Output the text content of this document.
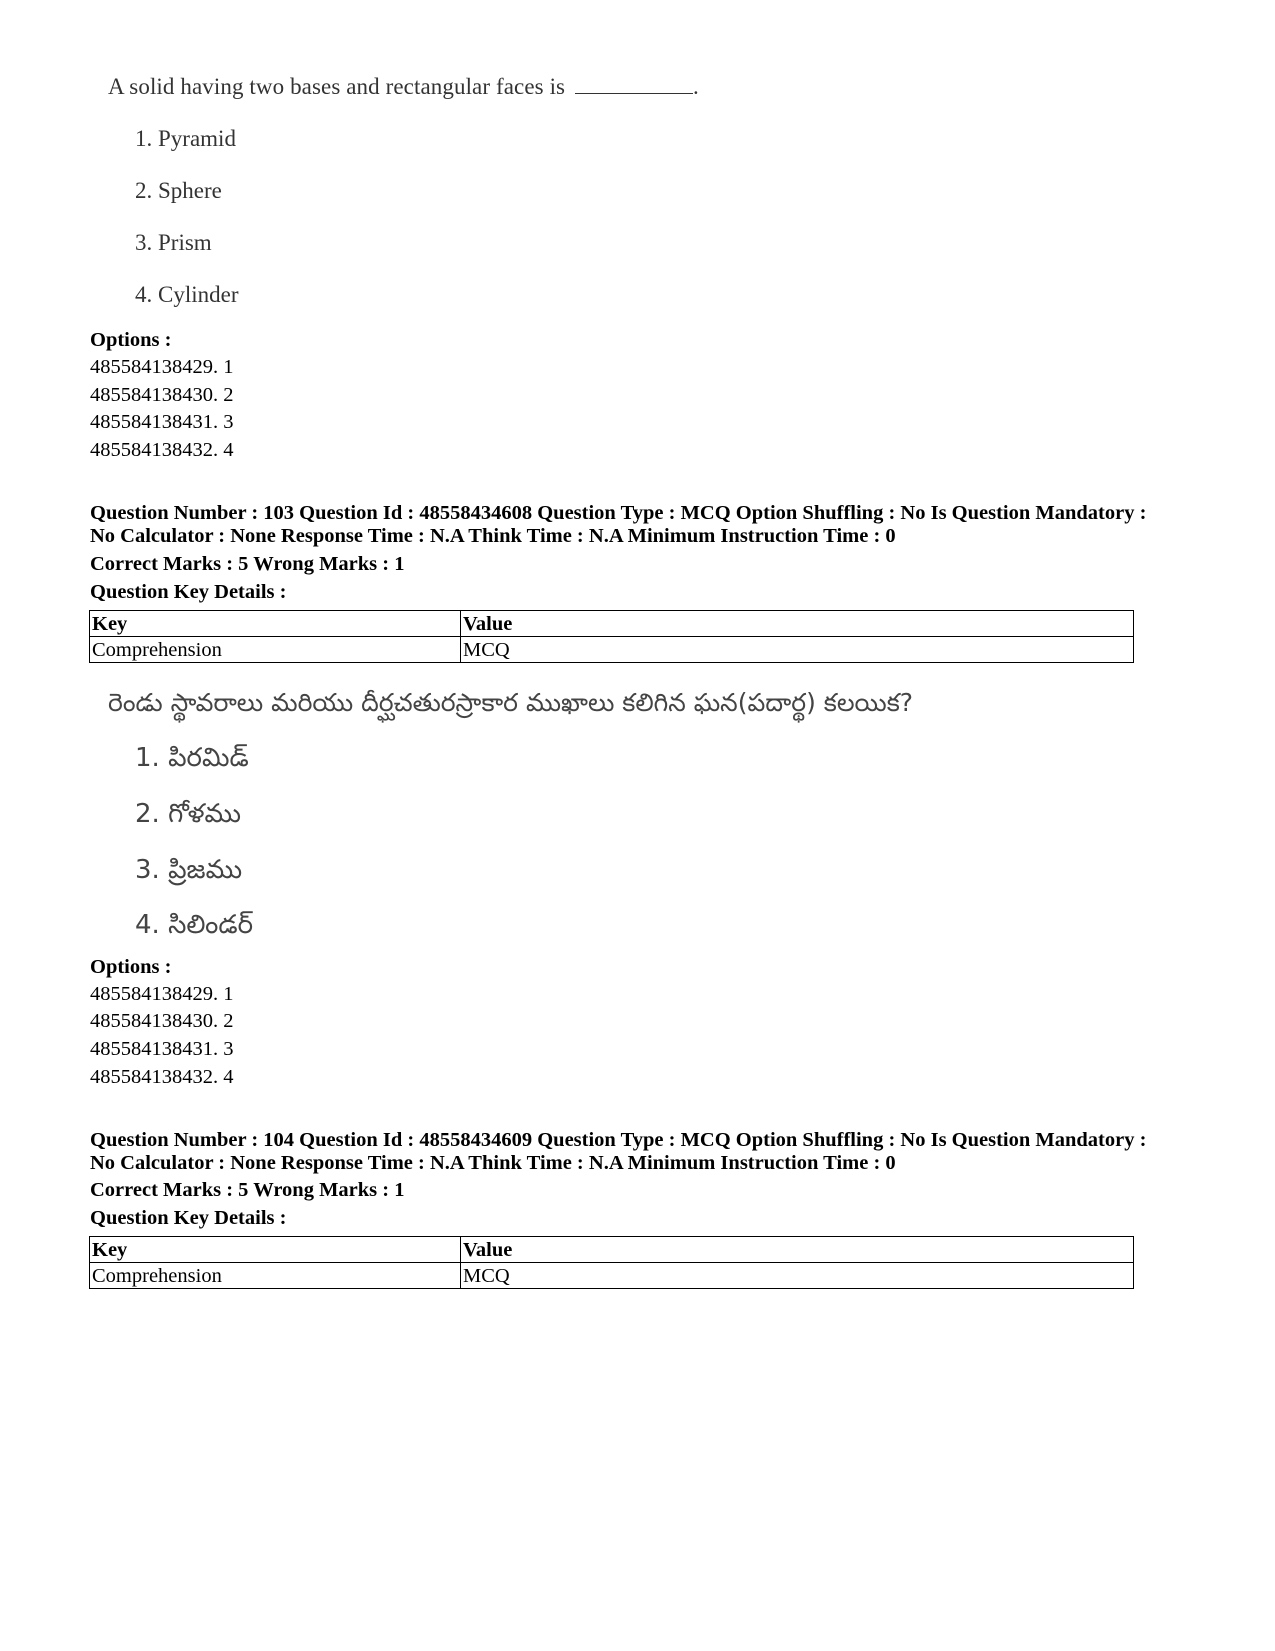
A solid having two bases and rectangular faces is	.
1. Pyramid
2. Sphere
3. Prism
4. Cylinder
Options :
485584138429. 1
485584138430. 2
485584138431. 3
485584138432. 4
Question Number : 103 Question Id : 48558434608 Question Type : MCQ Option Shuffling : No Is Question Mandatory :
No Calculator : None Response Time : N.A Think Time : N.A Minimum Instruction Time : 0
Correct Marks : 5 Wrong Marks : 1
Question Key Details :
Key	Value
Comprehension	MCQ
రెండు స్థావరాలు మరియు దీర్ఘచతురస్రాకార ముఖాలు కలిగిన ఘన(పదార్థ) కలయిక?
1. పిరమిడ్
2. గోళము
3. ప్రిజము
4. సిలిండర్
Options :
485584138429. 1
485584138430. 2
485584138431. 3
485584138432. 4
Question Number : 104 Question Id : 48558434609 Question Type : MCQ Option Shuffling : No Is Question Mandatory :
No Calculator : None Response Time : N.A Think Time : N.A Minimum Instruction Time : 0
Correct Marks : 5 Wrong Marks : 1
Question Key Details :
Key	Value
Comprehension	MCQ
